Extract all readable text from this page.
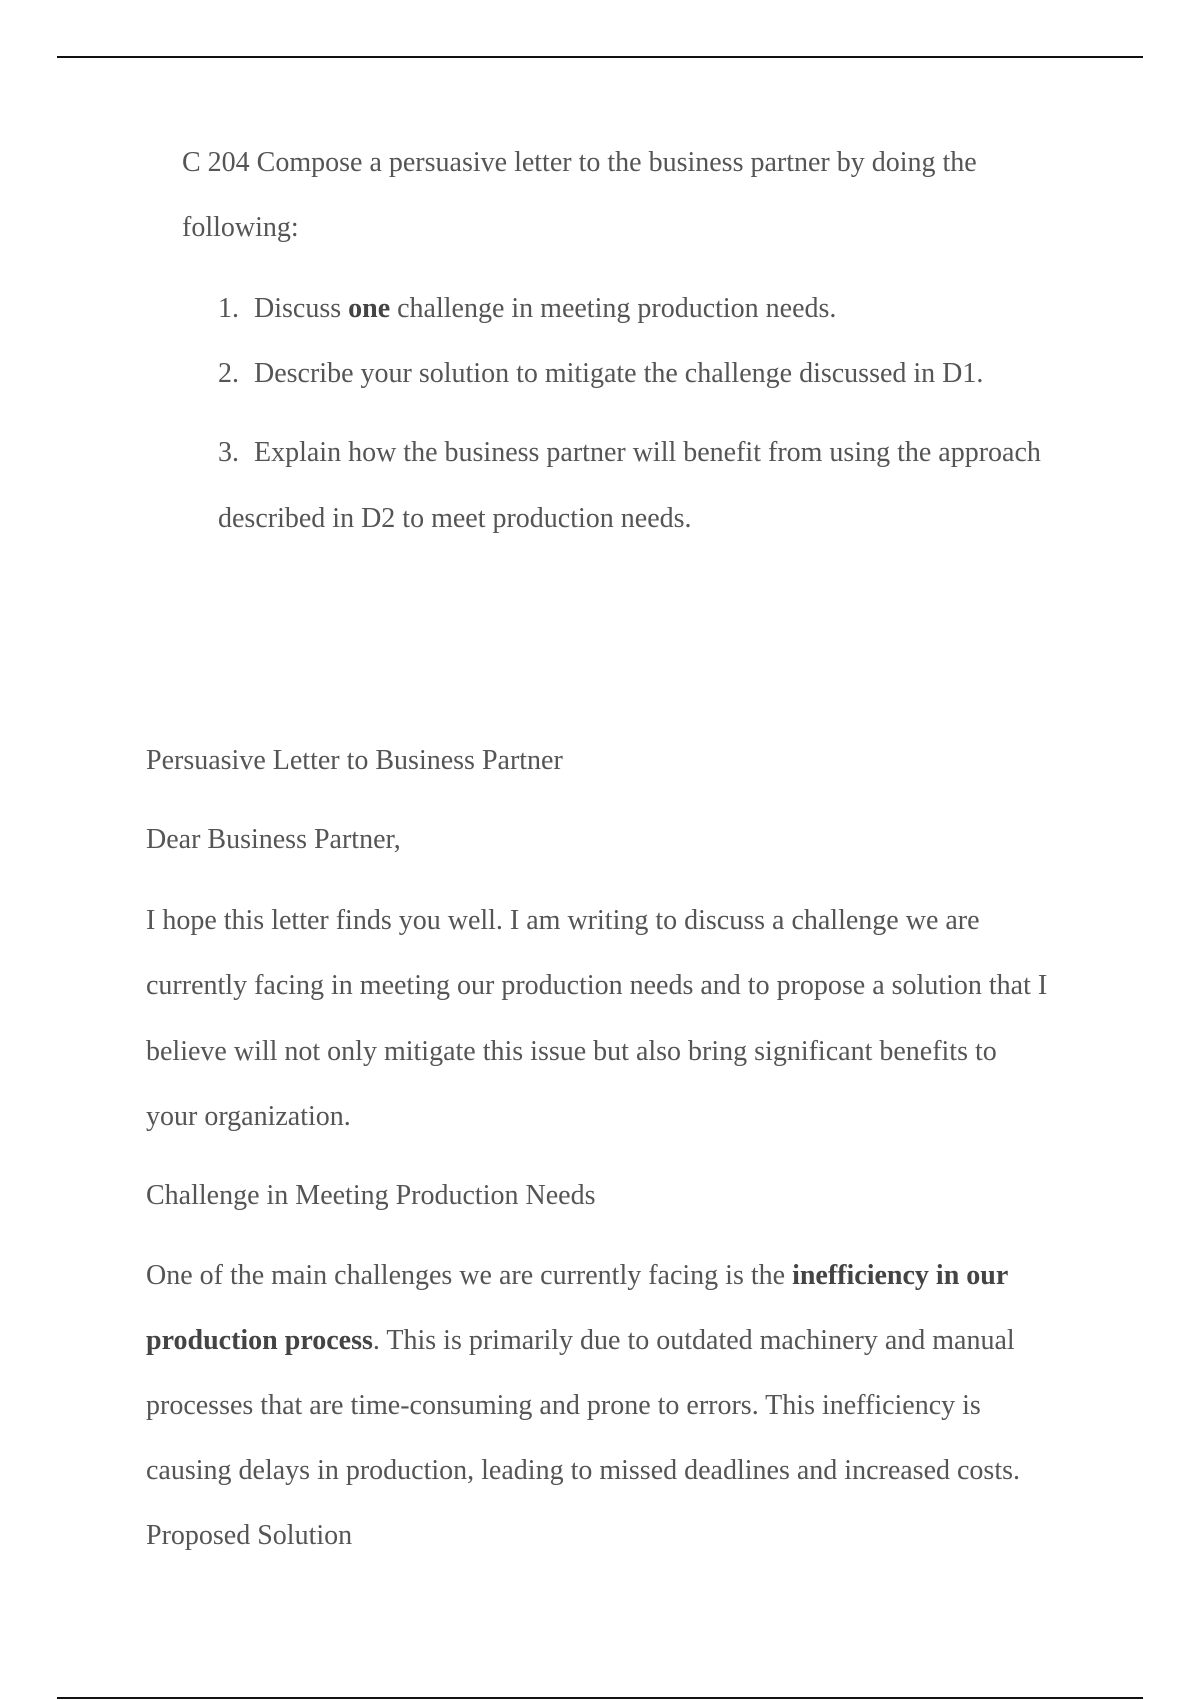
C 204 Compose a persuasive letter to the business partner by doing the
following:
1. Discuss one challenge in meeting production needs.
2. Describe your solution to mitigate the challenge discussed in D1.
3. Explain how the business partner will benefit from using the approach
described in D2 to meet production needs.
Persuasive Letter to Business Partner
Dear Business Partner,
I hope this letter finds you well. I am writing to discuss a challenge we are
currently facing in meeting our production needs and to propose a solution that I
believe will not only mitigate this issue but also bring significant benefits to
your organization.
Challenge in Meeting Production Needs
One of the main challenges we are currently facing is the inefficiency in our
production process. This is primarily due to outdated machinery and manual
processes that are time-consuming and prone to errors. This inefficiency is
causing delays in production, leading to missed deadlines and increased costs.
Proposed Solution
